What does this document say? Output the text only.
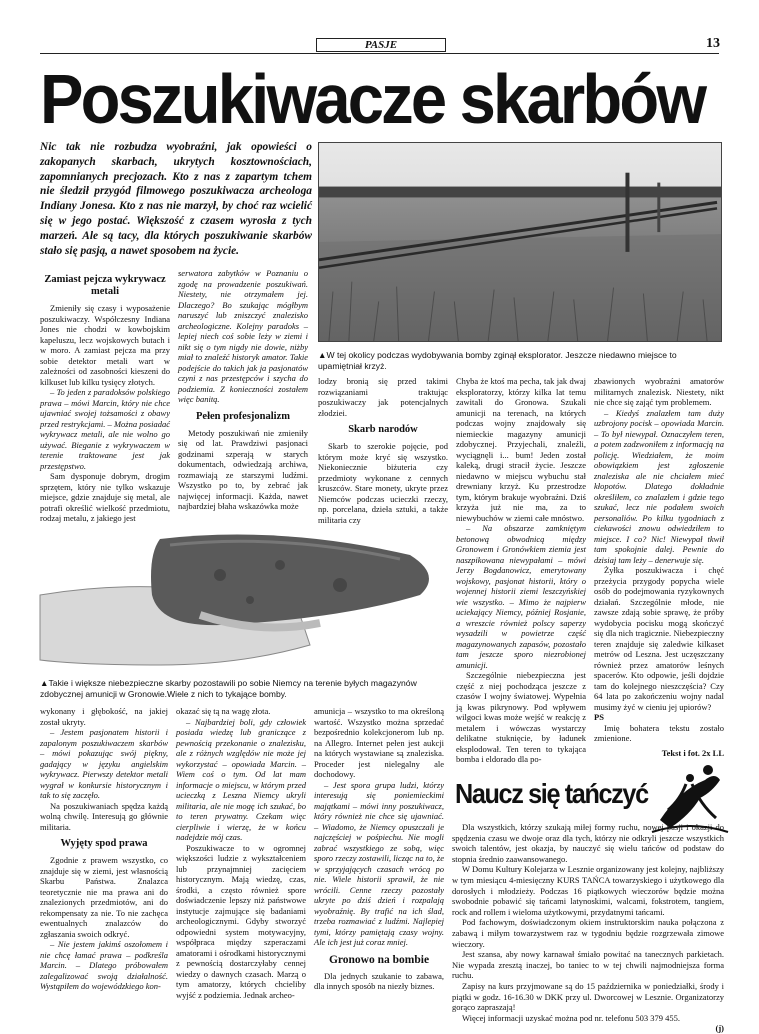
PASJE	13
Poszukiwacze skarbów
Nic tak nie rozbudza wyobraźni, jak opowieści o zakopanych skarbach, ukrytych kosztownościach, zapomnianych precjozach. Kto z nas z zapartym tchem nie śledził przygód filmowego poszukiwacza archeologa Indiany Jonesa. Kto z nas nie marzył, by choć raz wcielić się w jego postać. Większość z czasem wyrosła z tych marzeń. Ale są tacy, dla których poszukiwanie skarbów stało się pasją, a nawet sposobem na życie.
▲W tej okolicy podczas wydobywania bomby zginął eksplorator. Jeszcze niedawno miejsce to upamiętniał krzyż.
▲Takie i większe niebezpieczne skarby pozostawili po sobie Niemcy na terenie byłych magazynów zdobycznej amunicji w Gronowie.Wiele z nich to tykające bomby.
Zamiast pejcza wykrywacz metali

Zmieniły się czasy i wyposażenie poszukiwaczy. Współczesny Indiana Jones nie chodzi w kowbojskim kapeluszu, lecz wojskowych butach i w moro. A zamiast pejcza ma przy sobie detektor metali wart w zależności od zasobności kieszeni do kilkuset lub kilku tysięcy złotych.

– To jeden z paradoksów polskiego prawa – mówi Marcin, który nie chce ujawniać swojej tożsamości z obawy przed restrykcjami. – Można posiadać wykrywacz metali, ale nie wolno go używać. Bieganie z wykrywaczem w terenie traktowane jest jak przestępstwo.

Sam dysponuje dobrym, drogim sprzętem, który nie tylko wskazuje miejsce, gdzie znajduje się metal, ale potrafi określić wielkość przedmiotu, rodzaj metalu, z jakiego jest

serwatora zabytków w Poznaniu o zgodę na prowadzenie poszukiwań. Niestety, nie otrzymałem jej. Dlaczego? Bo szukając mógłbym naruszyć lub zniszczyć znalezisko archeologiczne. Kolejny paradoks – lepiej niech coś sobie leży w ziemi i nikt się o tym nigdy nie dowie, niżby miał to znaleźć historyk amator. Takie podejście do takich jak ja pasjonatów czyni z nas przestępców i szycha do podziemia. Z konieczności zostałem więc banitą.

Pełen profesjonalizm

Metody poszukiwań nie zmieniły się od lat. Prawdziwi pasjonaci godzinami szperają w starych dokumentach, odwiedzają archiwa, rozmawiają ze starszymi ludźmi. Wszystko po to, by zebrać jak najwięcej informacji. Każda, nawet najbardziej błaha wskazówka może

lodzy bronią się przed takimi rozwiązaniami traktując poszukiwaczy jak potencjalnych złodziei.

Skarb narodów

Skarb to szerokie pojęcie, pod którym może kryć się wszystko. Niekoniecznie biżuteria czy przedmioty wykonane z cennych kruszców. Stare monety, ukryte przez Niemców podczas ucieczki rzeczy, np. porcelana, dzieła sztuki, a także militaria czy

Chyba że ktoś ma pecha, tak jak dwaj eksploratorzy, którzy kilka lat temu zawitali do Gronowa. Szukali amunicji na terenach, na których podczas wojny znajdowały się niemieckie magazyny amunicji zdobycznej. Przyjechali, znaleźli, wyciągnęli i... bum! Jeden został kaleką, drugi stracił życie. Jeszcze niedawno w miejscu wybuchu stał drewniany krzyż. Ku przestrodze tym, którym brakuje wyobraźni. Dziś krzyża już nie ma, za to niewybuchów w ziemi całe mnóstwo.

– Na obszarze zamkniętym betonową obwodnicą między Gronowem i Gronówkiem ziemia jest naszpikowana niewypałami – mówi Jerzy Bogdanowicz, emerytowany wojskowy, pasjonat historii, który o wojennej historii ziemi leszczyńskiej wie wszystko. – Mimo że najpierw uciekający Niemcy, później Rosjanie, a wreszcie również polscy saperzy wysadzili w powietrze część magazynowanych zapasów, pozostało tam jeszcze sporo niezrobionej amunicji.

Szczególnie niebezpieczna jest część z niej pochodząca jeszcze z czasów I wojny światowej. Wypełnia ją kwas pikrynowy. Pod wpływem wilgoci kwas może wejść w reakcję z metalem i wówczas wystarczy delikatne stuknięcie, by ładunek eksplodował. Ten teren to tykająca bomba i eldorado dla po-

zbawionych wyobraźni amatorów militarnych znalezisk. Niestety, nikt nie chce się zająć tym problemem.

– Kiedyś znalazłem tam duży uzbrojony pocisk – opowiada Marcin. – To był niewypał. Oznaczyłem teren, a potem zadzwoniłem z informacją na policję. Wiedziałem, że moim obowiązkiem jest zgłoszenie znaleziska ale nie chciałem mieć kłopotów. Dlatego dokładnie określiłem, co znalazłem i gdzie tego szukać, lecz nie podałem swoich personaliów. Po kilku tygodniach z ciekawości znowu odwiedziłem to miejsce. I co? Nic! Niewypał tkwił tam spokojnie dalej. Pewnie do dzisiaj tam leży – denerwuje się.

Żyłka poszukiwacza i chęć przeżycia przygody popycha wiele osób do podejmowania ryzykownych działań. Szczególnie młode, nie zawsze zdają sobie sprawę, że próby wydobycia pocisku mogą skończyć się dla nich tragicznie. Niebezpieczny teren znajduje się zaledwie kilkaset metrów od Leszna. Jest uczęszczany również przez amatorów leśnych spacerów. Kto odpowie, jeśli dojdzie tam do kolejnego nieszczęścia? Czy 64 lata po zakończeniu wojny nadal musimy żyć w cieniu jej upiorów?

PS

Imię bohatera tekstu zostało zmienione.

Tekst i fot. 2x LL

wykonany i głębokość, na jakiej został ukryty.

– Jestem pasjonatem historii i zapalonym poszukiwaczem skarbów – mówi pokazując swój piękny, gadający w języku angielskim wykrywacz. Pierwszy detektor metali wygrał w konkursie historycznym i tak to się zaczęło.

Na poszukiwaniach spędza każdą wolną chwilę. Interesują go głównie militaria.

Wyjęty spod prawa

Zgodnie z prawem wszystko, co znajduje się w ziemi, jest własnością Skarbu Państwa. Znalazca teoretycznie nie ma prawa ani do znalezionych przedmiotów, ani do rekompensaty za nie. To nie zachęca ewentualnych znalazców do zgłaszania swoich odkryć.

– Nie jestem jakimś oszołomem i nie chcę łamać prawa – podkreśla Marcin. – Dlatego próbowałem zalegalizować swoją działalność. Wystąpiłem do wojewódzkiego kon-

okazać się tą na wagę złota.

– Najbardziej boli, gdy człowiek posiada wiedzę lub graniczące z pewnością przekonanie o znalezisku, ale z różnych względów nie może jej wykorzystać – opowiada Marcin. – Wiem coś o tym. Od lat mam informacje o miejscu, w którym przed ucieczką z Leszna Niemcy ukryli militaria, ale nie mogę ich szukać, bo to teren prywatny. Czekam więc cierpliwie i wierzę, że w końcu nadejdzie mój czas.

Poszukiwacze to w ogromnej większości ludzie z wykształceniem lub przynajmniej zacięciem historycznym. Mają wiedzę, czas, środki, a często również spore doświadczenie lepszy niż państwowe instytucje zajmujące się badaniami archeologicznymi. Gdyby stworzyć odpowiedni system motywacyjny, współpraca między szperaczami amatorami i ośrodkami historycznymi z pewnością dostarczyłaby cennej wiedzy o dawnych czasach. Marzą o tym amatorzy, których chcieliby wyjść z podziemia. Jednak archeo-

amunicja – wszystko to ma określoną wartość. Wszystko można sprzedać bezpośrednio kolekcjonerom lub np. na Allegro. Internet pełen jest aukcji na których wystawiane są znaleziska. Proceder jest nielegalny ale dochodowy.

– Jest spora grupa ludzi, którzy interesują się poniemieckimi majątkami – mówi inny poszukiwacz, który również nie chce się ujawniać. – Wiadomo, że Niemcy opuszczali je najczęściej w pośpiechu. Nie mogli zabrać wszystkiego ze sobą, więc sporo rzeczy zostawili, licząc na to, że w sprzyjających czasach wrócą po nie. Wiele historii sprawił, że nie wrócili. Cenne rzeczy pozostały ukryte po dziś dzień i rozpalają wyobraźnię. By trafić na ich ślad, trzeba rozmawiać z ludźmi. Najlepiej tymi, którzy pamiętają czasy wojny. Ale ich jest już coraz mniej.

Gronowo na bombie

Dla jednych szukanie to zabawa, dla innych sposób na niezły biznes.

Naucz się tańczyć

Dla wszystkich, którzy szukają miłej formy ruchu, nowej pasji i okazji do spędzenia czasu we dwoje oraz dla tych, którzy nie odkryli jeszcze wszystkich swoich talentów, jest okazja, by nauczyć się wielu tańców od podstaw do stopnia średnio zaawansowanego.

W Domu Kultury Kolejarza w Lesznie organizowany jest kolejny, najbliższy w tym miesiącu 4-miesięczny KURS TAŃCA towarzyskiego i użytkowego dla dorosłych i młodzieży. Podczas 16 piątkowych wieczorów będzie można swobodnie pobawić się tańcami latynoskimi, walcami, fokstrotem, tangiem, rock and rollem i wieloma użytkowymi, przydatnymi tańcami.

Pod fachowym, doświadczonym okiem instruktorskim nauka połączona z zabawą i miłym towarzystwem raz w tygodniu będzie rozgrzewała zimowe wieczory.

Jest szansa, aby nowy karnawał śmiało powitać na tanecznych parkietach. Nie wypada zresztą inaczej, bo taniec to w tej chwili najmodniejsza forma ruchu.

Zapisy na kurs przyjmowane są do 15 października w poniedziałki, środy i piątki w godz. 16-16.30 w DKK przy ul. Dworcowej w Lesznie. Organizatorzy gorąco zapraszają!

Więcej informacji uzyskać można pod nr. telefonu 503 379 455.

(j)
